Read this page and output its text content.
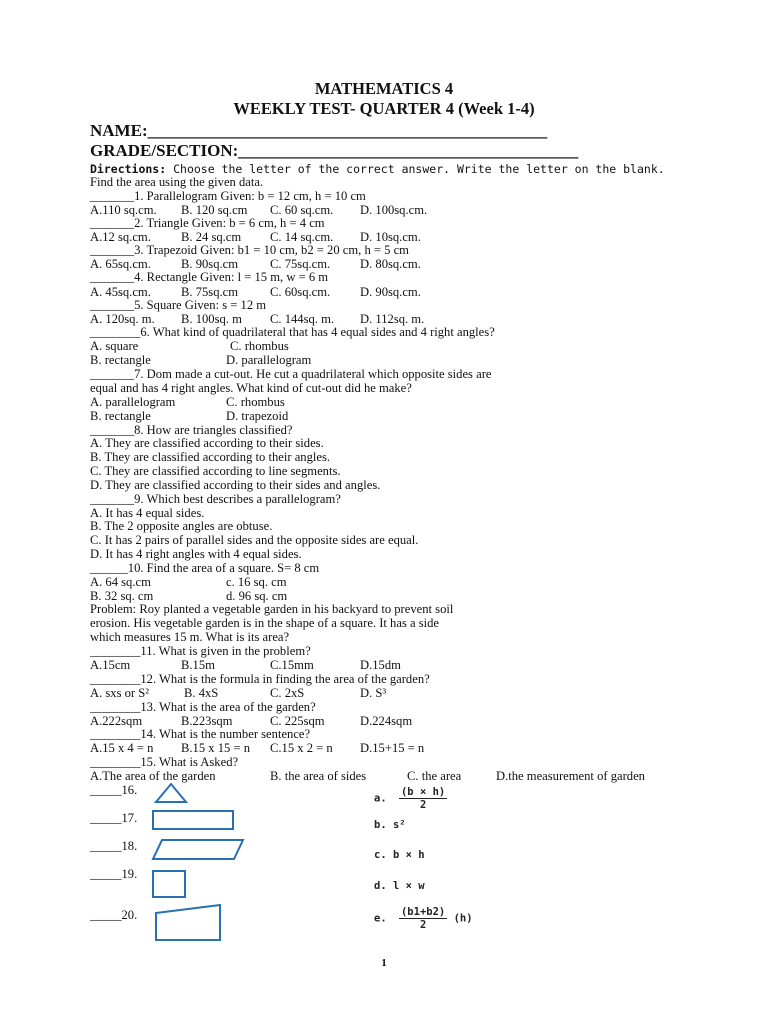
MATHEMATICS 4
WEEKLY TEST- QUARTER 4 (Week 1-4)
NAME:_______________________________________________
GRADE/SECTION:________________________________________
Directions: Choose the letter of the correct answer. Write the letter on the blank.
Find the area using the given data.
_______1. Parallelogram Given: b = 12 cm, h = 10 cm
A.110 sq.cm. B. 120 sq.cm C. 60 sq.cm. D. 100sq.cm.
_______2. Triangle Given: b = 6 cm, h = 4 cm
A.12 sq.cm. B. 24 sq.cm C. 14 sq.cm. D. 10sq.cm.
_______3. Trapezoid Given: b1 = 10 cm, b2 = 20 cm, h = 5 cm
A. 65sq.cm. B. 90sq.cm	C. 75sq.cm. D. 80sq.cm.
_______4. Rectangle Given: l = 15 m, w = 6 m
A. 45sq.cm. B. 75sq.cm	C. 60sq.cm. D. 90sq.cm.
_______5. Square Given: s = 12 m
A. 120sq. m. B. 100sq. m C. 144sq. m. D. 112sq. m.
________6. What kind of quadrilateral that has 4 equal sides and 4 right angles?
A. square	C. rhombus
B. rectangle	D. parallelogram
_______7. Dom made a cut-out. He cut a quadrilateral which opposite sides are
equal and has 4 right angles. What kind of cut-out did he make?
A. parallelogram	C. rhombus
B. rectangle	D. trapezoid
_______8. How are triangles classified?
A. They are classified according to their sides.
B. They are classified according to their angles.
C. They are classified according to line segments.
D. They are classified according to their sides and angles.
_______9. Which best describes a parallelogram?
A. It has 4 equal sides.
B. The 2 opposite angles are obtuse.
C. It has 2 pairs of parallel sides and the opposite sides are equal.
D. It has 4 right angles with 4 equal sides.
______10. Find the area of a square. S= 8 cm
A. 64 sq.cm	c. 16 sq. cm
B. 32 sq. cm	d. 96 sq. cm
Problem: Roy planted a vegetable garden in his backyard to prevent soil
erosion. His vegetable garden is in the shape of a square. It has a side
which measures 15 m. What is its area?
________11. What is given in the problem?
A.15cm	B.15m	C.15mm	D.15dm
________12. What is the formula in finding the area of the garden?
A. sxs or S²	B. 4xS	C. 2xS	D. S³
________13. What is the area of the garden?
A.222sqm	B.223sqm	C. 225sqm	D.224sqm
________14. What is the number sentence?
A.15 x 4 = n B.15 x 15 = n C.15 x 2 = n D.15+15 = n
________15. What is Asked?
A.The area of the garden	B. the area of sides	C. the area	D.the measurement of garden
_____16.
_____17.
_____18.
_____19.
_____20.
a. $\frac{(b \times h)}{2}$
b. s²
c. b × h
d. l × w
e. $\frac{(b1+b2)}{2} (h)$
1
